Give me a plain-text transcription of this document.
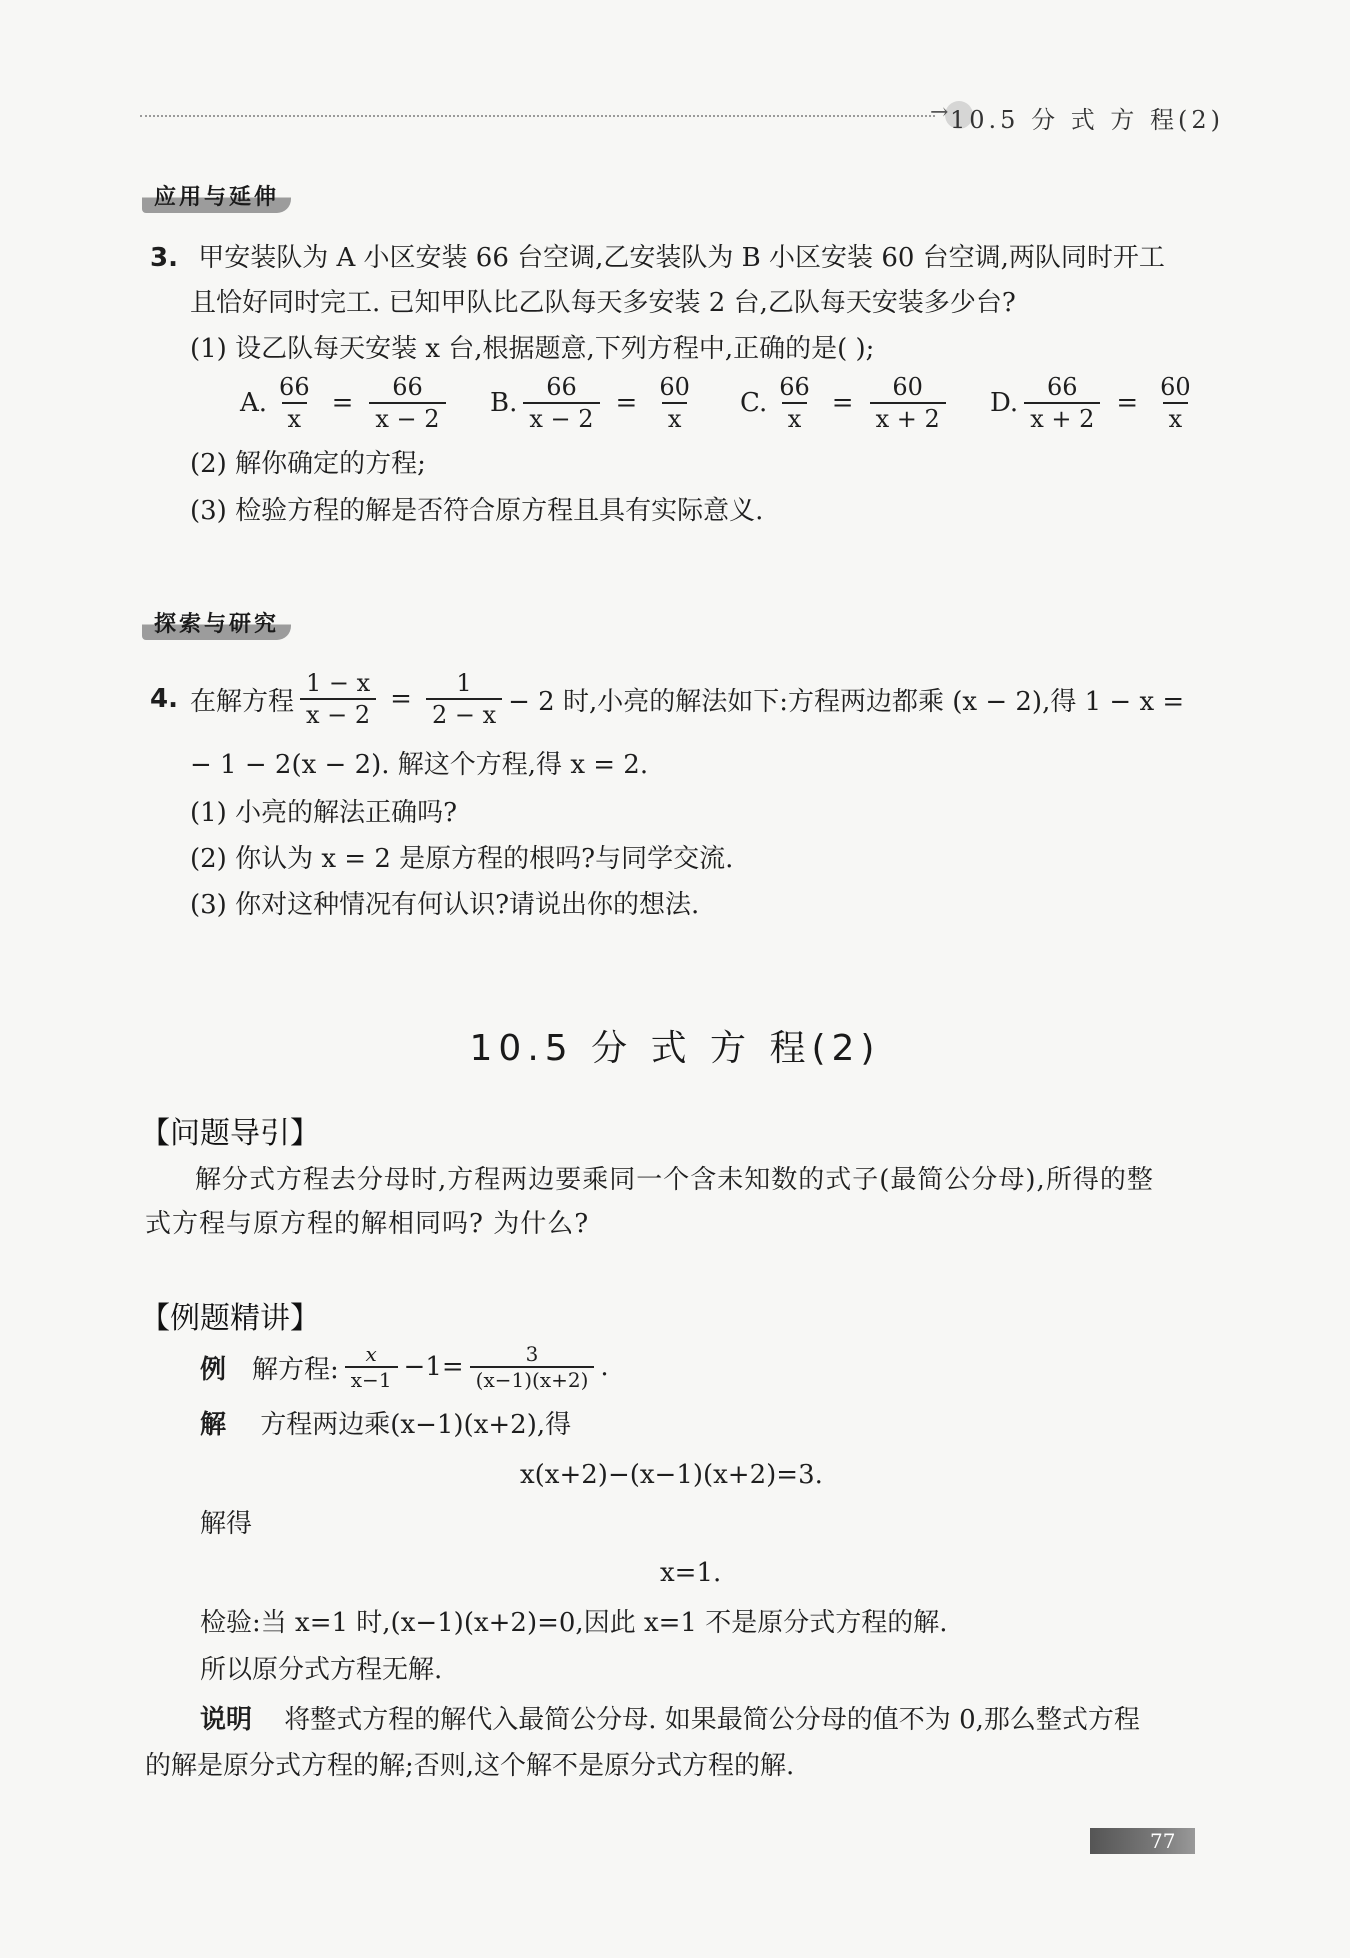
→ 10.5 分 式 方 程(2)
应用与延伸
3. 甲安装队为 A 小区安装 66 台空调,乙安装队为 B 小区安装 60 台空调,两队同时开工
且恰好同时完工. 已知甲队比乙队每天多安装 2 台,乙队每天安装多少台?
(1) 设乙队每天安装 x 台,根据题意,下列方程中,正确的是( );
A. $\frac{66}{x} = \frac{66}{x - 2} B$. $\frac{66}{x - 2} = \frac{60}{x} C$. $\frac{66}{x} = \frac{60}{x + 2} D$. $\frac{66}{x + 2} = \frac{60}{x}$
(2) 解你确定的方程;
(3) 检验方程的解是否符合原方程且具有实际意义.
探索与研究
4. 在解方程 $\frac{1 - x}{x - 2} = \frac{1}{2 - x} - 2$ 时,小亮的解法如下:方程两边都乘 (x − 2),得 1 − x =
− 1 − 2(x − 2). 解这个方程,得 x = 2.
(1) 小亮的解法正确吗?
(2) 你认为 x = 2 是原方程的根吗?与同学交流.
(3) 你对这种情况有何认识?请说出你的想法.
10.5 分 式 方 程(2)
【问题导引】
解分式方程去分母时,方程两边要乘同一个含未知数的式子(最简公分母),所得的整
式方程与原方程的解相同吗? 为什么?
【例题精讲】
例 解方程: $\frac{x}{x-1} -1= \frac{3}{(x-1)(x+2)}$ .
解 方程两边乘(x−1)(x+2),得
x(x+2)−(x−1)(x+2)=3.
解得
x=1.
检验:当 x=1 时,(x−1)(x+2)=0,因此 x=1 不是原分式方程的解.
所以原分式方程无解.
说明 将整式方程的解代入最简公分母. 如果最简公分母的值不为 0,那么整式方程
的解是原分式方程的解;否则,这个解不是原分式方程的解.
77
